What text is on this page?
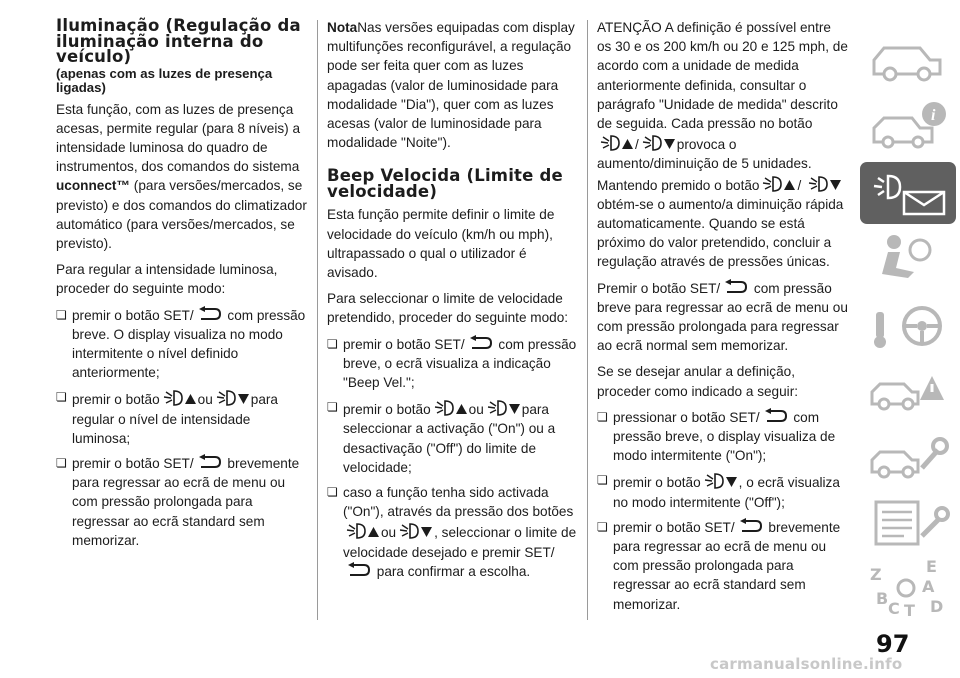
Iluminação (Regulação da iluminação interna do veículo)
(apenas com as luzes de presença ligadas)

Esta função, com as luzes de presença acesas, permite regular (para 8 níveis) a intensidade luminosa do quadro de instrumentos, dos comandos do sistema uconnect™ (para versões/mercados, se previsto) e dos comandos do climatizador automático (para versões/mercados, se previsto).

Para regular a intensidade luminosa, proceder do seguinte modo:

❏ premir o botão SET/ com pressão breve. O display visualiza no modo intermitente o nível definido anteriormente;
❏ premir o botão	ou	para regular o nível de intensidade luminosa;
❏ premir o botão SET/ brevemente para regressar ao ecrã de menu ou com pressão prolongada para regressar ao ecrã standard sem memorizar.

NotaNas versões equipadas com display multifunções reconfigurável, a regulação pode ser feita quer com as luzes apagadas (valor de luminosidade para modalidade "Dia"), quer com as luzes acesas (valor de luminosidade para modalidade "Noite").

Beep Velocida (Limite de velocidade)

Esta função permite definir o limite de velocidade do veículo (km/h ou mph), ultrapassado o qual o utilizador é avisado.

Para seleccionar o limite de velocidade pretendido, proceder do seguinte modo:

❏ premir o botão SET/ com pressão breve, o ecrã visualiza a indicação "Beep Vel.";
❏ premir o botão	ou	para seleccionar a activação ("On") ou a desactivação ("Off") do limite de velocidade;
❏ caso a função tenha sido activada ("On"), através da pressão dos botõesou	, seleccionar o limite de velocidade desejado e premir SET/ para confirmar a escolha.

ATENÇÃO A definição é possível entre os 30 e os 200 km/h ou 20 e 125 mph, de acordo com a unidade de medida anteriormente definida, consultar o parágrafo "Unidade de medida" descrito de seguida. Cada pressão no botão/	provoca o aumento/diminuição de 5 unidades. Mantendo premido o botão	/ obtém-se o aumento/a diminuição rápida automaticamente. Quando se está próximo do valor pretendido, concluir a regulação através de pressões únicas.

Premir o botão SET/ com pressão breve para regressar ao ecrã de menu ou com pressão prolongada para regressar ao ecrã normal sem memorizar.

Se se desejar anular a definição, proceder como indicado a seguir:

❏ pressionar o botão SET/ com pressão breve, o display visualiza de modo intermitente ("On");
❏ premir o botão	, o ecrã visualiza no modo intermitente ("Off");
❏ premir o botão SET/ brevemente para regressar ao ecrã de menu ou com pressão prolongada para regressar ao ecrã standard sem memorizar.
i
Z	E
B
A
C T D
97
carmanualsonline.info
